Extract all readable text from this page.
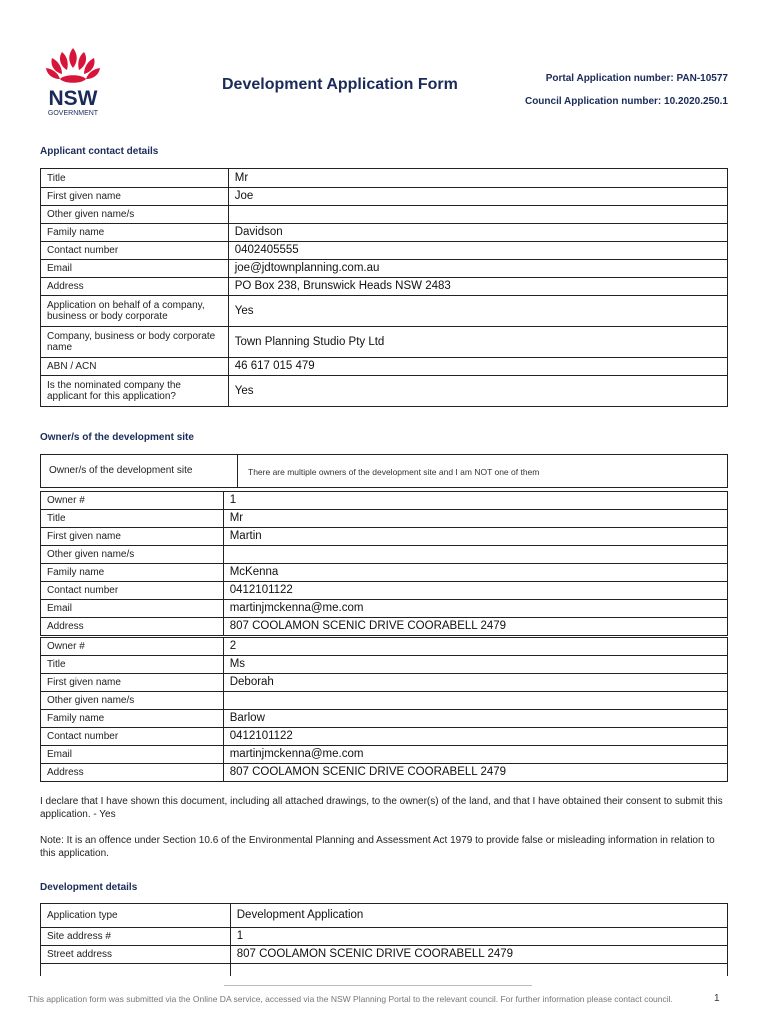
NSW
GOVERNMENT
Development Application Form	Portal Application number: PAN-10577
Council Application number: 10.2020.250.1
Applicant contact details
Title	Mr
First given name	Joe
Other given name/s	
Family name	Davidson
Contact number	0402405555
Email	joe@jdtownplanning.com.au
Address	PO Box 238, Brunswick Heads NSW 2483
Application on behalf of a company, business or body corporate	Yes
Company, business or body corporate name	Town Planning Studio Pty Ltd
ABN / ACN	46 617 015 479
Is the nominated company the applicant for this application?	Yes
Owner/s of the development site
Owner/s of the development site	There are multiple owners of the development site and I am NOT one of them
Owner #	1
Title	Mr
First given name	Martin
Other given name/s	
Family name	McKenna
Contact number	0412101122
Email	martinjmckenna@me.com
Address	807 COOLAMON SCENIC DRIVE COORABELL 2479
Owner #	2
Title	Ms
First given name	Deborah
Other given name/s	
Family name	Barlow
Contact number	0412101122
Email	martinjmckenna@me.com
Address	807 COOLAMON SCENIC DRIVE COORABELL 2479
I declare that I have shown this document, including all attached drawings, to the owner(s) of the land, and that I have obtained their consent to submit this application. - Yes
Note: It is an offence under Section 10.6 of the Environmental Planning and Assessment Act 1979 to provide false or misleading information in relation to this application.
Development details
Application type	Development Application
Site address #	1
Street address	807 COOLAMON SCENIC DRIVE COORABELL 2479

This application form was submitted via the Online DA service, accessed via the NSW Planning Portal to the relevant council. For further information please contact council.	1
